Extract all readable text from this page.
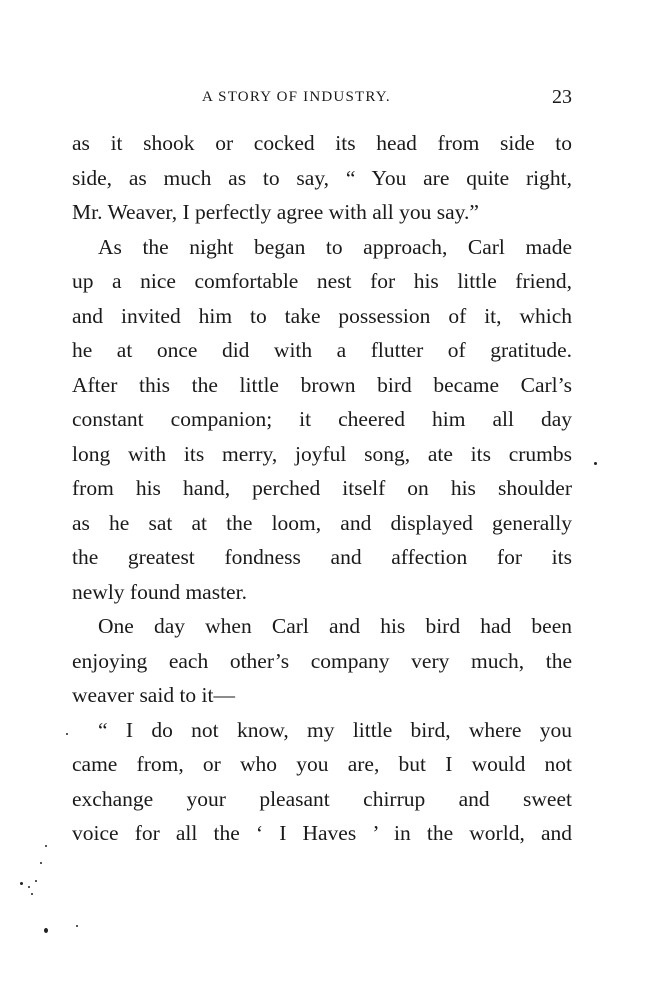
A STORY OF INDUSTRY.	23
as it shook or cocked its head from side to
side, as much as to say, “ You are quite right,
Mr. Weaver, I perfectly agree with all you say.”
As the night began to approach, Carl made
up a nice comfortable nest for his little friend,
and invited him to take possession of it, which
he at once did with a flutter of gratitude.
After this the little brown bird became Carl’s
constant companion; it cheered him all day
long with its merry, joyful song, ate its crumbs
from his hand, perched itself on his shoulder
as he sat at the loom, and displayed generally
the greatest fondness and affection for its
newly found master.
One day when Carl and his bird had been
enjoying each other’s company very much, the
weaver said to it—
“ I do not know, my little bird, where you
came from, or who you are, but I would not
exchange your pleasant chirrup and sweet
voice for all the ‘ I Haves ’ in the world, and
